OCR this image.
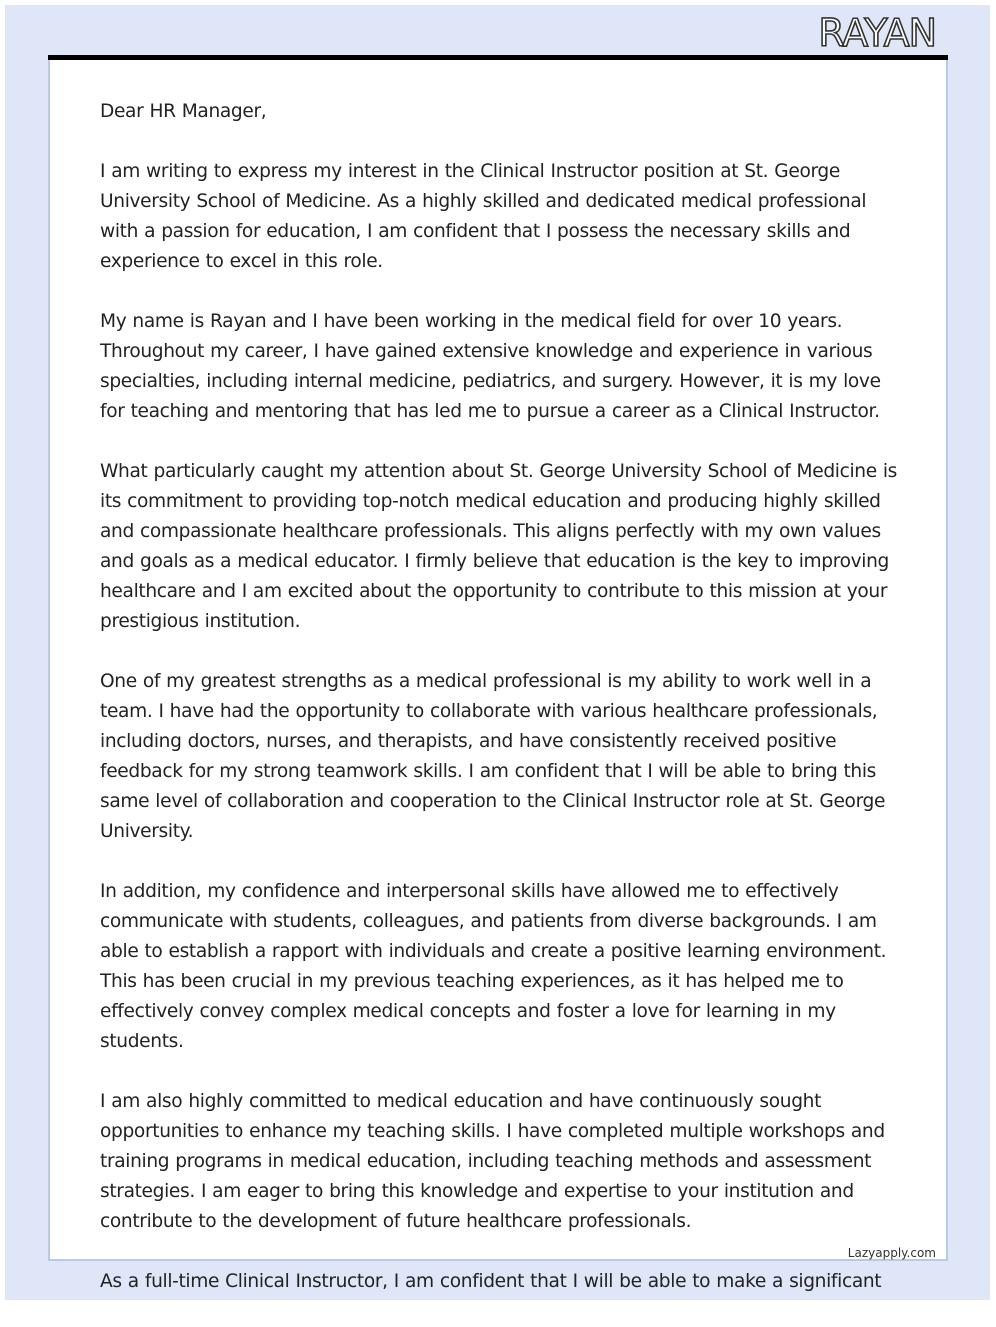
RAYAN

Dear HR Manager,

I am writing to express my interest in the Clinical Instructor position at St. George University School of Medicine. As a highly skilled and dedicated medical professional with a passion for education, I am confident that I possess the necessary skills and experience to excel in this role.

My name is Rayan and I have been working in the medical field for over 10 years. Throughout my career, I have gained extensive knowledge and experience in various specialties, including internal medicine, pediatrics, and surgery. However, it is my love for teaching and mentoring that has led me to pursue a career as a Clinical Instructor.

What particularly caught my attention about St. George University School of Medicine is its commitment to providing top-notch medical education and producing highly skilled and compassionate healthcare professionals. This aligns perfectly with my own values and goals as a medical educator. I firmly believe that education is the key to improving healthcare and I am excited about the opportunity to contribute to this mission at your prestigious institution.

One of my greatest strengths as a medical professional is my ability to work well in a team. I have had the opportunity to collaborate with various healthcare professionals, including doctors, nurses, and therapists, and have consistently received positive feedback for my strong teamwork skills. I am confident that I will be able to bring this same level of collaboration and cooperation to the Clinical Instructor role at St. George University.

In addition, my confidence and interpersonal skills have allowed me to effectively communicate with students, colleagues, and patients from diverse backgrounds. I am able to establish a rapport with individuals and create a positive learning environment. This has been crucial in my previous teaching experiences, as it has helped me to effectively convey complex medical concepts and foster a love for learning in my students.

I am also highly committed to medical education and have continuously sought opportunities to enhance my teaching skills. I have completed multiple workshops and training programs in medical education, including teaching methods and assessment strategies. I am eager to bring this knowledge and expertise to your institution and contribute to the development of future healthcare professionals.

As a full-time Clinical Instructor, I am confident that I will be able to make a significant

Lazyapply.com
